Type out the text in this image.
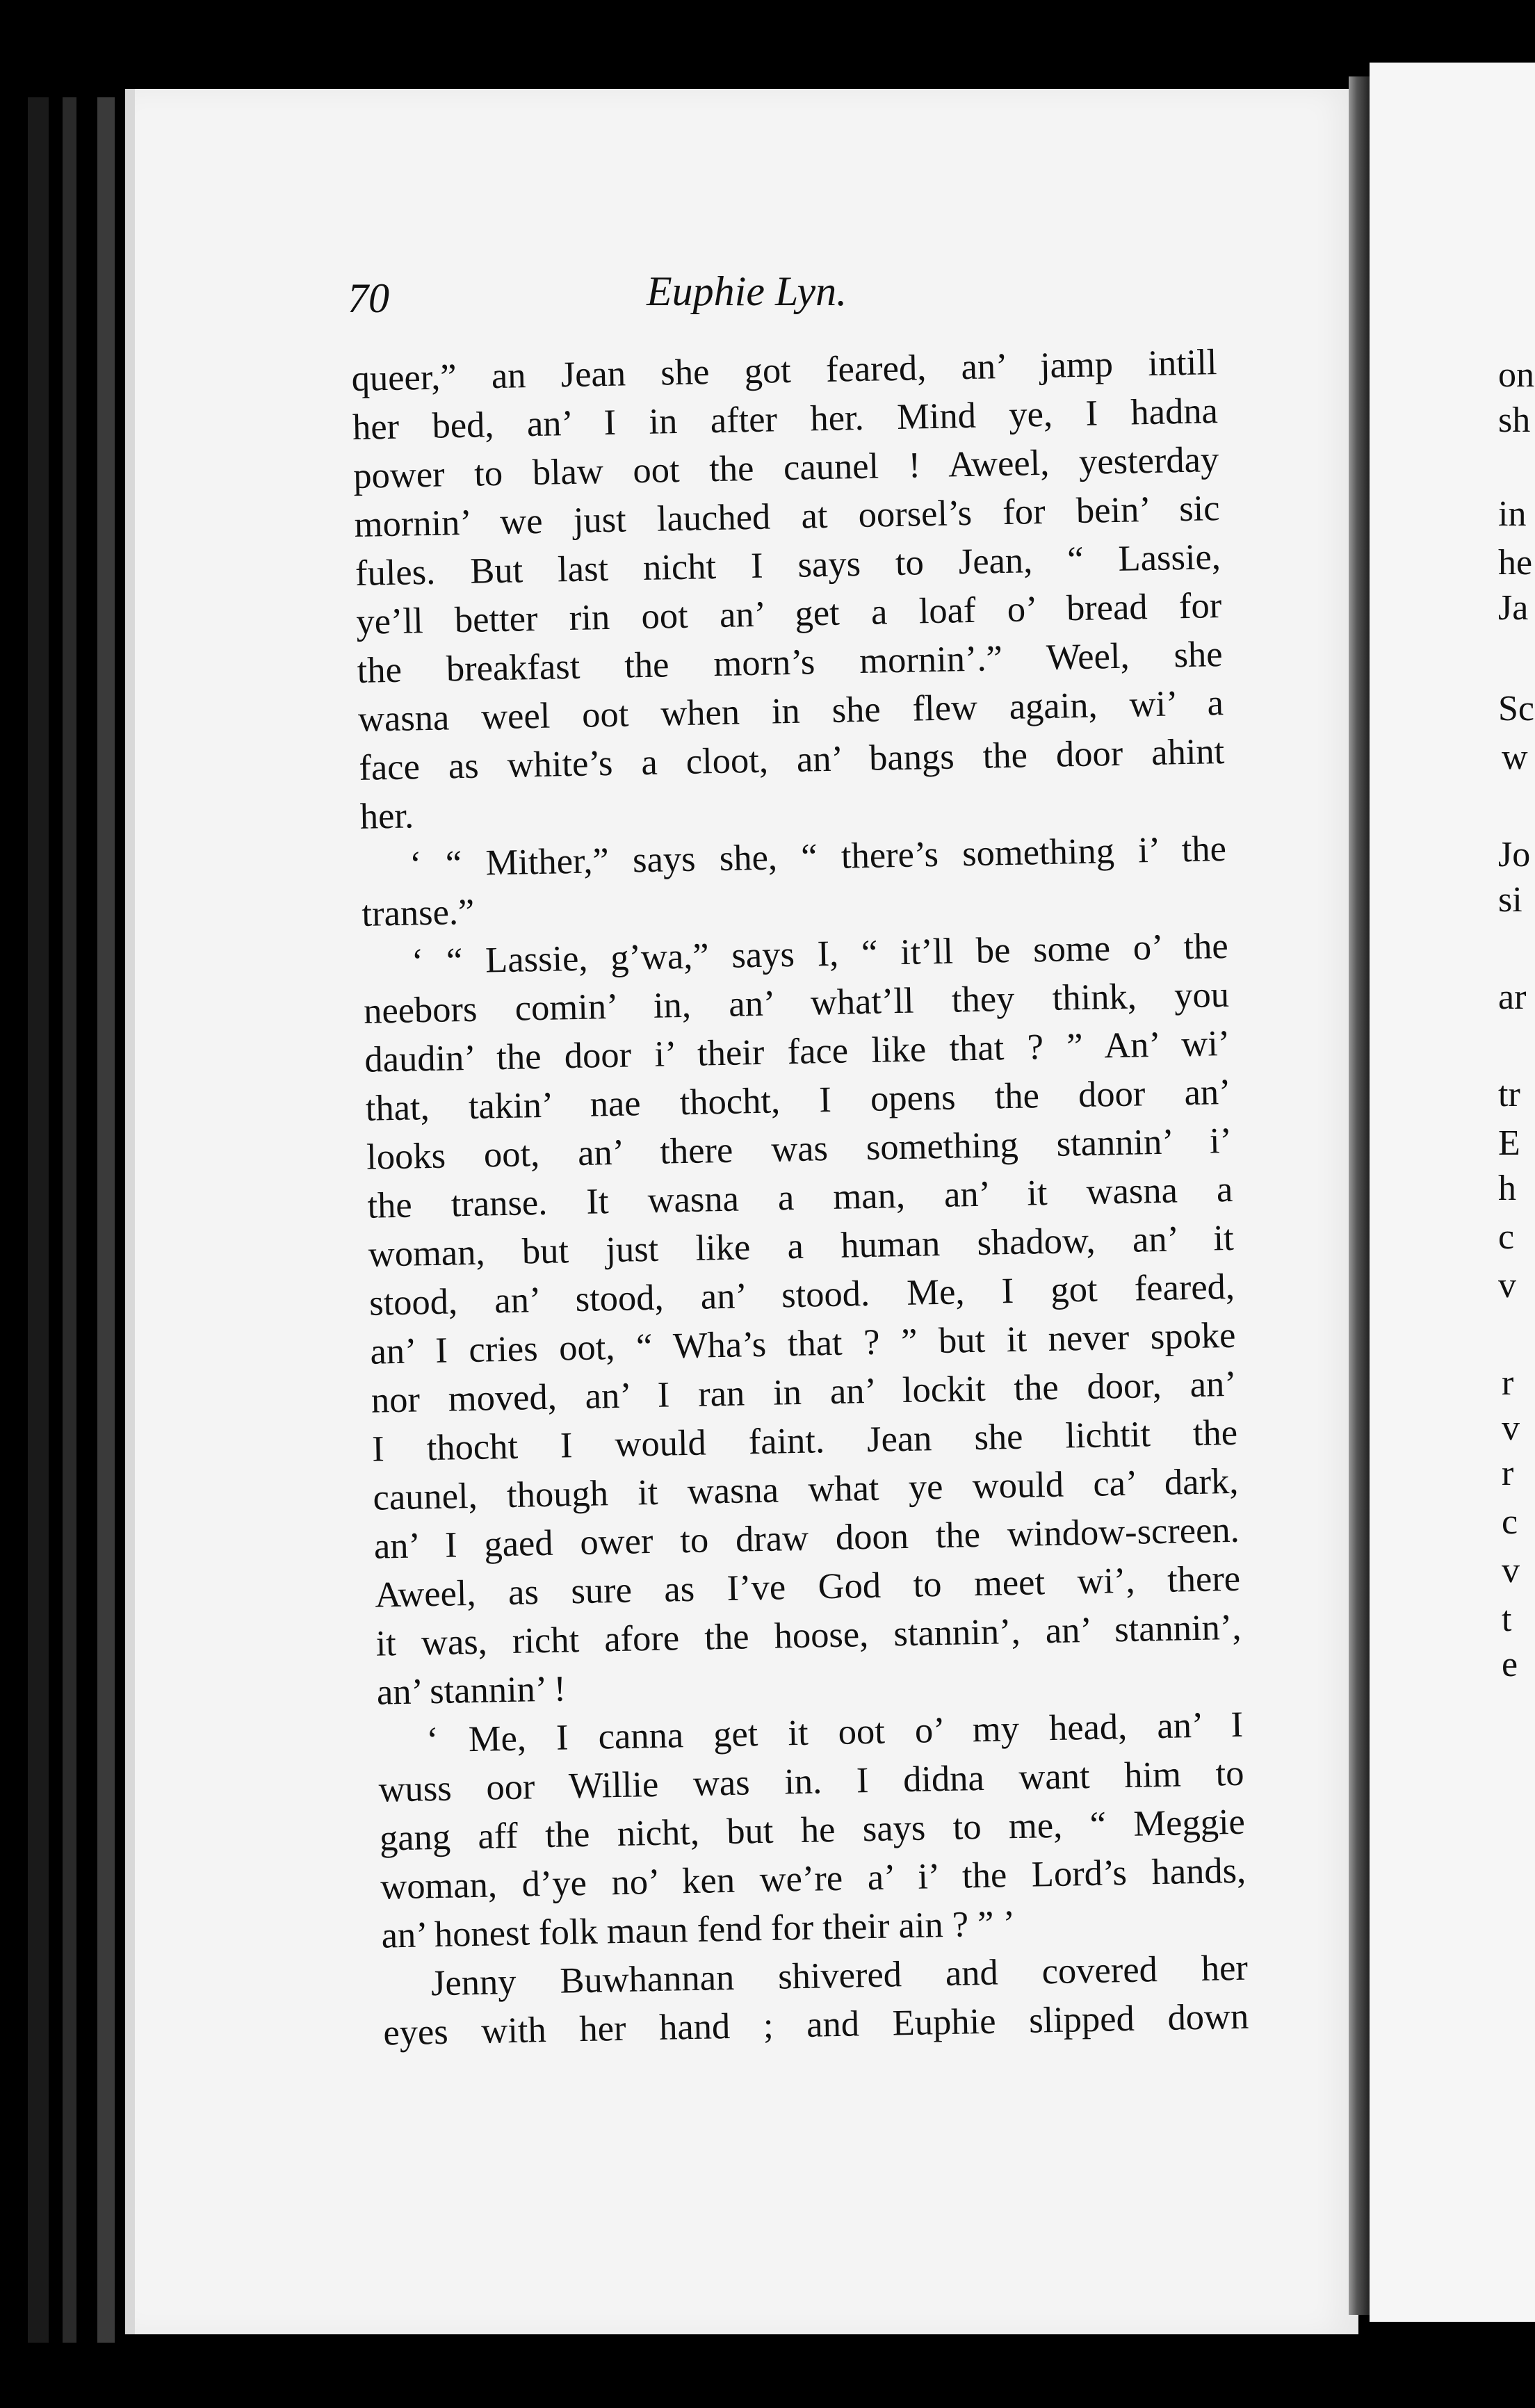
70	Euphie Lyn.
queer,” an Jean she got feared, an’ jamp intill
her bed, an’ I in after her. Mind ye, I hadna
power to blaw oot the caunel ! Aweel, yesterday
mornin’ we just lauched at oorsel’s for bein’ sic
fules. But last nicht I says to Jean, “ Lassie,
ye’ll better rin oot an’ get a loaf o’ bread for
the breakfast the morn’s mornin’.” Weel, she
wasna weel oot when in she flew again, wi’ a
face as white’s a cloot, an’ bangs the door ahint
her.
‘ “ Mither,” says she, “ there’s something i’ the
transe.”
‘ “ Lassie, g’wa,” says I, “ it’ll be some o’ the
neebors comin’ in, an’ what’ll they think, you
daudin’ the door i’ their face like that ? ” An’ wi’
that, takin’ nae thocht, I opens the door an’
looks oot, an’ there was something stannin’ i’
the transe. It wasna a man, an’ it wasna a
woman, but just like a human shadow, an’ it
stood, an’ stood, an’ stood. Me, I got feared,
an’ I cries oot, “ Wha’s that ? ” but it never spoke
nor moved, an’ I ran in an’ lockit the door, an’
I thocht I would faint. Jean she lichtit the
caunel, though it wasna what ye would ca’ dark,
an’ I gaed ower to draw doon the window-screen.
Aweel, as sure as I’ve God to meet wi’, there
it was, richt afore the hoose, stannin’, an’ stannin’,
an’ stannin’ !
‘ Me, I canna get it oot o’ my head, an’ I
wuss oor Willie was in. I didna want him to
gang aff the nicht, but he says to me, “ Meggie
woman, d’ye no’ ken we’re a’ i’ the Lord’s hands,
an’ honest folk maun fend for their ain ? ” ’
Jenny Buwhannan shivered and covered her
eyes with her hand ; and Euphie slipped down
on
sh
in
he
Ja
Sc
w
Jo
si
ar
tr
E
h
c
v
r
v
r
c
v
t
e
